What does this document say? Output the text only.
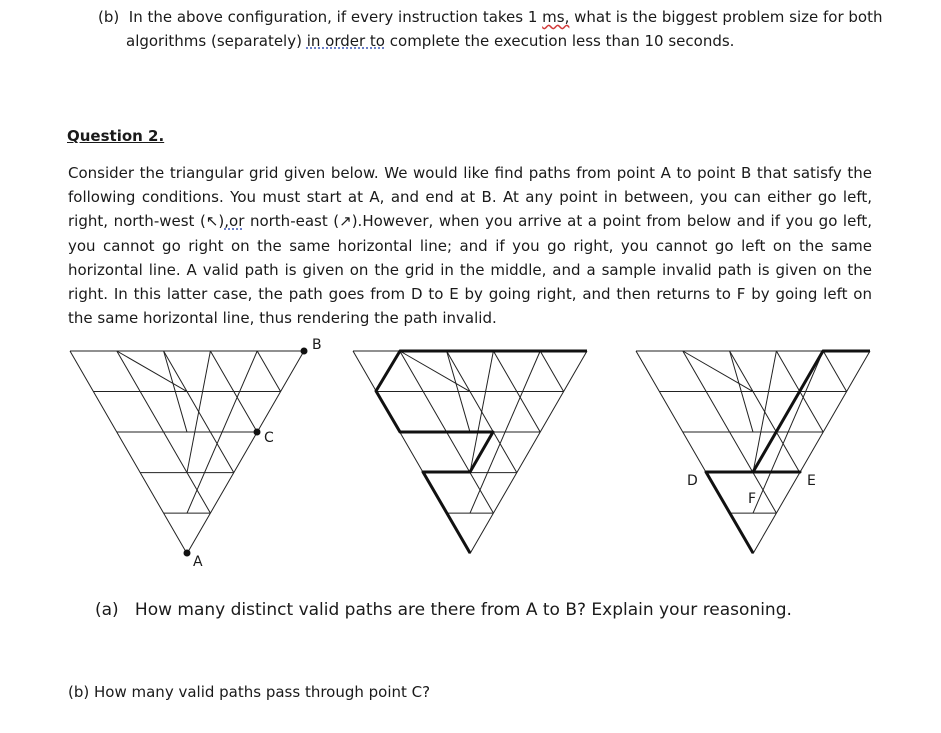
(b) In the above configuration, if every instruction takes 1 ms, what is the biggest problem size for both
algorithms (separately) in order to complete the execution less than 10 seconds.
Question 2.
Consider the triangular grid given below. We would like find paths from point A to point B that satisfy the following conditions. You must start at A, and end at B. At any point in between, you can either go left, right, north-west (↖),or north-east (↗).However, when you arrive at a point from below and if you go left, you cannot go right on the same horizontal line; and if you go right, you cannot go left on the same horizontal line. A valid path is given on the grid in the middle, and a sample invalid path is given on the right. In this latter case, the path goes from D to E by going right, and then returns to F by going left on the same horizontal line, thus rendering the path invalid.
B
C
A
D	E
F
(a) How many distinct valid paths are there from A to B? Explain your reasoning.
(b) How many valid paths pass through point C?
